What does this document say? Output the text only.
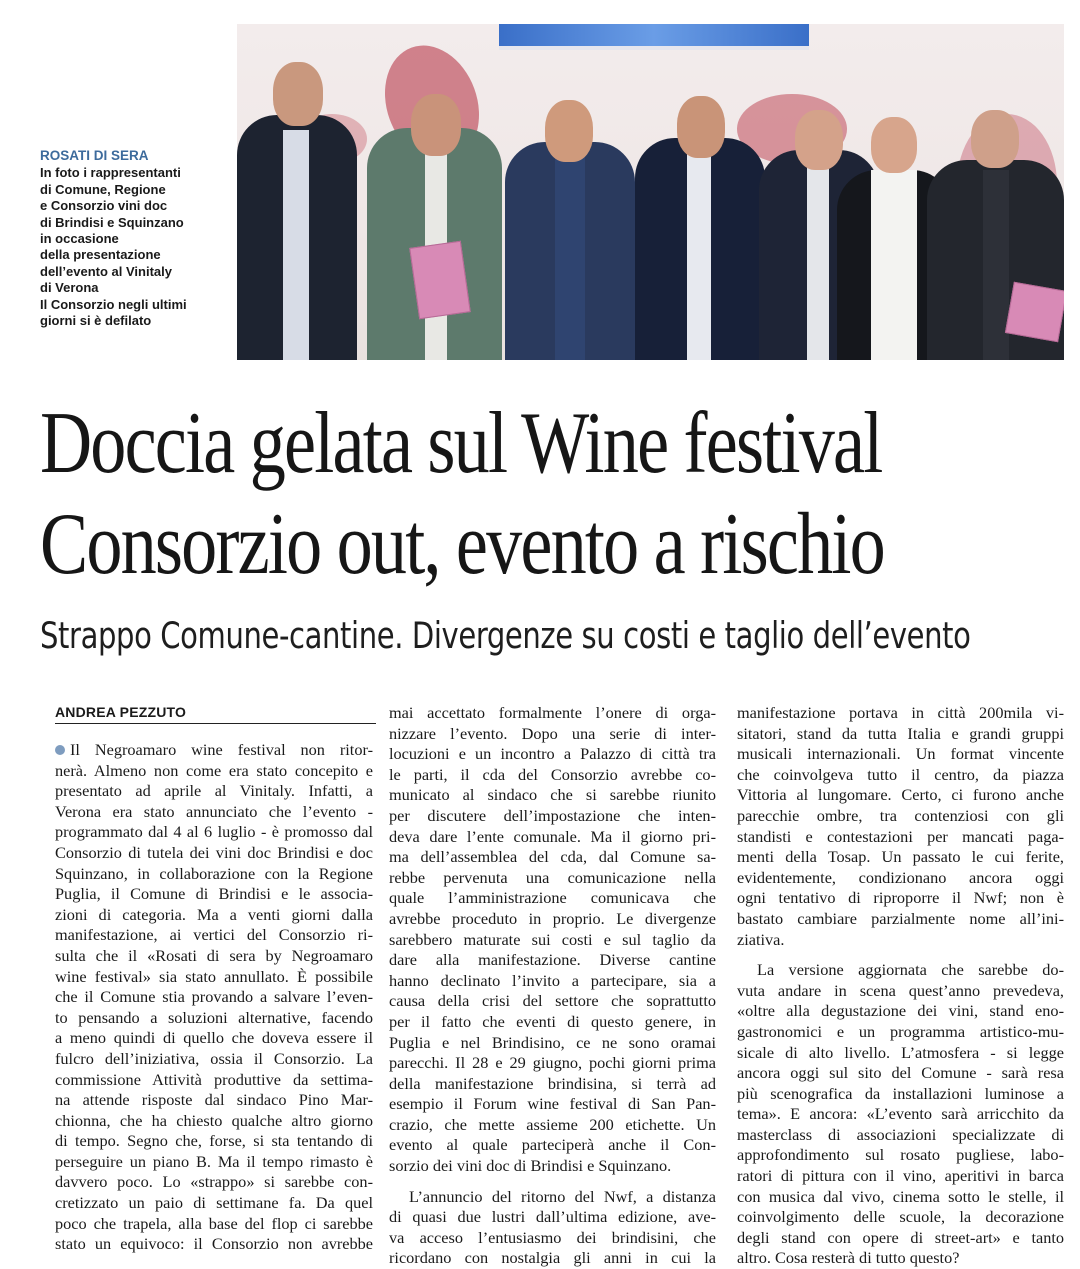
ROSATI DI SERA
In foto i rappresentanti
di Comune, Regione
e Consorzio vini doc
di Brindisi e Squinzano
in occasione
della presentazione
dell’evento al Vinitaly
di Verona
Il Consorzio negli ultimi
giorni si è defilato
Doccia gelata sul Wine festival
Consorzio out, evento a rischio
Strappo Comune-cantine. Divergenze su costi e taglio dell’evento
ANDREA PEZZUTO
Il Negroamaro wine festival non ritor-
nerà. Almeno non come era stato concepito e
presentato ad aprile al Vinitaly. Infatti, a
Verona era stato annunciato che l’evento -
programmato dal 4 al 6 luglio - è promosso dal
Consorzio di tutela dei vini doc Brindisi e doc
Squinzano, in collaborazione con la Regione
Puglia, il Comune di Brindisi e le associa-
zioni di categoria. Ma a venti giorni dalla
manifestazione, ai vertici del Consorzio ri-
sulta che il «Rosati di sera by Negroamaro
wine festival» sia stato annullato. È possibile
che il Comune stia provando a salvare l’even-
to pensando a soluzioni alternative, facendo
a meno quindi di quello che doveva essere il
fulcro dell’iniziativa, ossia il Consorzio. La
commissione Attività produttive da settima-
na attende risposte dal sindaco Pino Mar-
chionna, che ha chiesto qualche altro giorno
di tempo. Segno che, forse, si sta tentando di
perseguire un piano B. Ma il tempo rimasto è
davvero poco. Lo «strappo» si sarebbe con-
cretizzato un paio di settimane fa. Da quel
poco che trapela, alla base del flop ci sarebbe
stato un equivoco: il Consorzio non avrebbe
mai accettato formalmente l’onere di orga-
nizzare l’evento. Dopo una serie di inter-
locuzioni e un incontro a Palazzo di città tra
le parti, il cda del Consorzio avrebbe co-
municato al sindaco che si sarebbe riunito
per discutere dell’impostazione che inten-
deva dare l’ente comunale. Ma il giorno pri-
ma dell’assemblea del cda, dal Comune sa-
rebbe pervenuta una comunicazione nella
quale l’amministrazione comunicava che
avrebbe proceduto in proprio. Le divergenze
sarebbero maturate sui costi e sul taglio da
dare alla manifestazione. Diverse cantine
hanno declinato l’invito a partecipare, sia a
causa della crisi del settore che soprattutto
per il fatto che eventi di questo genere, in
Puglia e nel Brindisino, ce ne sono oramai
parecchi. Il 28 e 29 giugno, pochi giorni prima
della manifestazione brindisina, si terrà ad
esempio il Forum wine festival di San Pan-
crazio, che mette assieme 200 etichette. Un
evento al quale parteciperà anche il Con-
sorzio dei vini doc di Brindisi e Squinzano.
L’annuncio del ritorno del Nwf, a distanza
di quasi due lustri dall’ultima edizione, ave-
va acceso l’entusiasmo dei brindisini, che
ricordano con nostalgia gli anni in cui la
manifestazione portava in città 200mila vi-
sitatori, stand da tutta Italia e grandi gruppi
musicali internazionali. Un format vincente
che coinvolgeva tutto il centro, da piazza
Vittoria al lungomare. Certo, ci furono anche
parecchie ombre, tra contenziosi con gli
standisti e contestazioni per mancati paga-
menti della Tosap. Un passato le cui ferite,
evidentemente, condizionano ancora oggi
ogni tentativo di riproporre il Nwf; non è
bastato cambiare parzialmente nome all’ini-
ziativa.
La versione aggiornata che sarebbe do-
vuta andare in scena quest’anno prevedeva,
«oltre alla degustazione dei vini, stand eno-
gastronomici e un programma artistico-mu-
sicale di alto livello. L’atmosfera - si legge
ancora oggi sul sito del Comune - sarà resa
più scenografica da installazioni luminose a
tema». E ancora: «L’evento sarà arricchito da
masterclass di associazioni specializzate di
approfondimento sul rosato pugliese, labo-
ratori di pittura con il vino, aperitivi in barca
con musica dal vivo, cinema sotto le stelle, il
coinvolgimento delle scuole, la decorazione
degli stand con opere di street-art» e tanto
altro. Cosa resterà di tutto questo?
